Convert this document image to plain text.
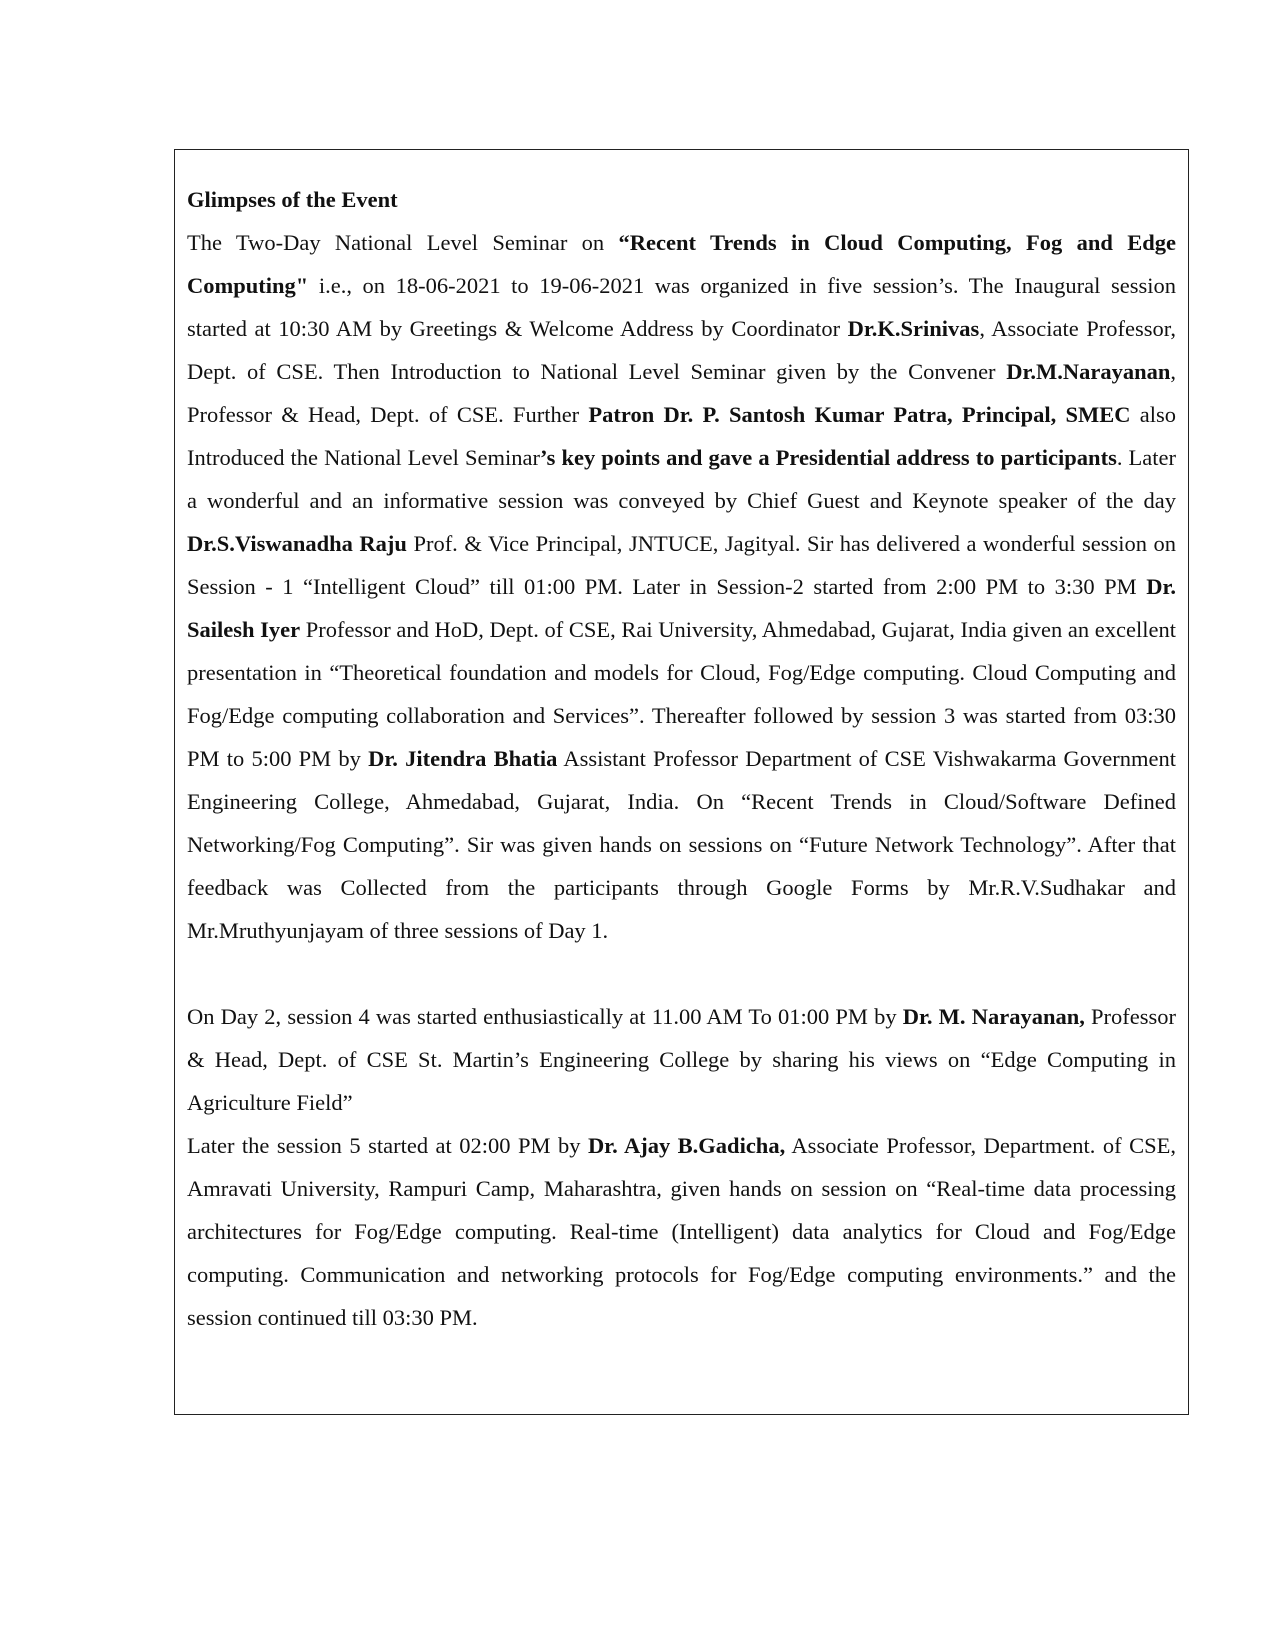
Glimpses of the Event

The Two-Day National Level Seminar on “Recent Trends in Cloud Computing, Fog and Edge Computing" i.e., on 18-06-2021 to 19-06-2021 was organized in five session’s. The Inaugural session started at 10:30 AM by Greetings & Welcome Address by Coordinator Dr.K.Srinivas, Associate Professor, Dept. of CSE. Then Introduction to National Level Seminar given by the Convener Dr.M.Narayanan, Professor & Head, Dept. of CSE. Further Patron Dr. P. Santosh Kumar Patra, Principal, SMEC also Introduced the National Level Seminar’s key points and gave a Presidential address to participants. Later a wonderful and an informative session was conveyed by Chief Guest and Keynote speaker of the day Dr.S.Viswanadha Raju Prof. & Vice Principal, JNTUCE, Jagityal. Sir has delivered a wonderful session on Session - 1 “Intelligent Cloud” till 01:00 PM. Later in Session-2 started from 2:00 PM to 3:30 PM Dr. Sailesh Iyer Professor and HoD, Dept. of CSE, Rai University, Ahmedabad, Gujarat, India given an excellent presentation in “Theoretical foundation and models for Cloud, Fog/Edge computing. Cloud Computing and Fog/Edge computing collaboration and Services”. Thereafter followed by session 3 was started from 03:30 PM to 5:00 PM by Dr. Jitendra Bhatia Assistant Professor Department of CSE Vishwakarma Government Engineering College, Ahmedabad, Gujarat, India. On “Recent Trends in Cloud/Software Defined Networking/Fog Computing”. Sir was given hands on sessions on “Future Network Technology”. After that feedback was Collected from the participants through Google Forms by Mr.R.V.Sudhakar and Mr.Mruthyunjayam of three sessions of Day 1.

On Day 2, session 4 was started enthusiastically at 11.00 AM To 01:00 PM by Dr. M. Narayanan, Professor & Head, Dept. of CSE St. Martin’s Engineering College by sharing his views on “Edge Computing in Agriculture Field”

Later the session 5 started at 02:00 PM by Dr. Ajay B.Gadicha, Associate Professor, Department. of CSE, Amravati University, Rampuri Camp, Maharashtra, given hands on session on “Real-time data processing architectures for Fog/Edge computing. Real-time (Intelligent) data analytics for Cloud and Fog/Edge computing. Communication and networking protocols for Fog/Edge computing environments.” and the session continued till 03:30 PM.
